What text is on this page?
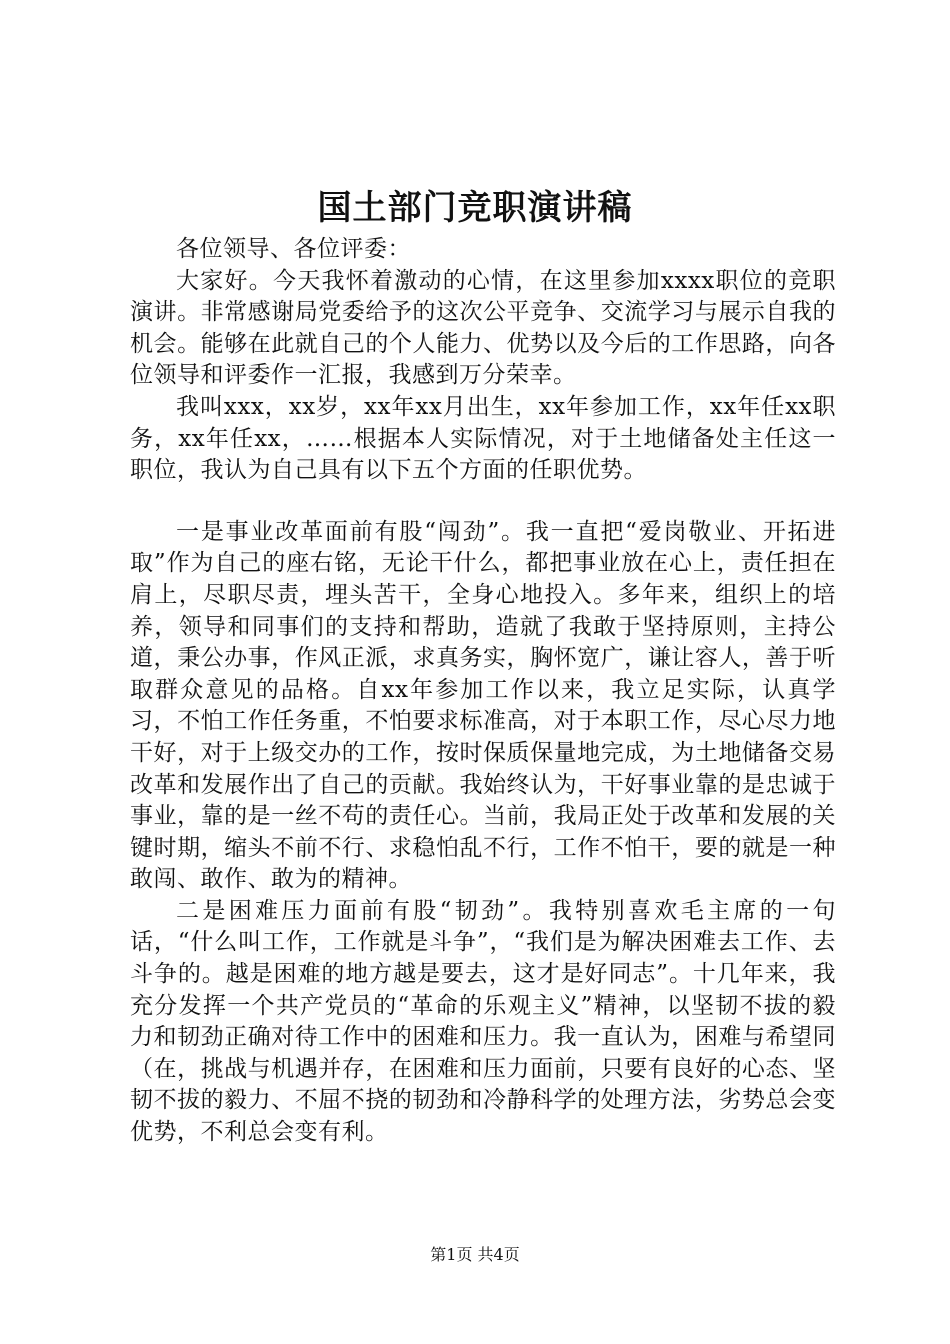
国土部门竞职演讲稿

各位领导、各位评委：

大家好。今天我怀着激动的心情，在这里参加xxxx职位的竞职演讲。非常感谢局党委给予的这次公平竞争、交流学习与展示自我的机会。能够在此就自己的个人能力、优势以及今后的工作思路，向各位领导和评委作一汇报，我感到万分荣幸。

我叫xxx，xx岁，xx年xx月出生，xx年参加工作，xx年任xx职务，xx年任xx，……根据本人实际情况，对于土地储备处主任这一职位，我认为自己具有以下五个方面的任职优势。

一是事业改革面前有股“闯劲”。我一直把“爱岗敬业、开拓进取”作为自己的座右铭，无论干什么，都把事业放在心上，责任担在肩上，尽职尽责，埋头苦干，全身心地投入。多年来，组织上的培养，领导和同事们的支持和帮助，造就了我敢于坚持原则，主持公道，秉公办事，作风正派，求真务实，胸怀宽广，谦让容人，善于听取群众意见的品格。自xx年参加工作以来，我立足实际，认真学习，不怕工作任务重，不怕要求标准高，对于本职工作，尽心尽力地干好，对于上级交办的工作，按时保质保量地完成，为土地储备交易改革和发展作出了自己的贡献。我始终认为，干好事业靠的是忠诚于事业，靠的是一丝不苟的责任心。当前，我局正处于改革和发展的关键时期，缩头不前不行、求稳怕乱不行，工作不怕干，要的就是一种敢闯、敢作、敢为的精神。

二是困难压力面前有股“韧劲”。我特别喜欢毛主席的一句话，“什么叫工作，工作就是斗争”，“我们是为解决困难去工作、去斗争的。越是困难的地方越是要去，这才是好同志”。十几年来，我充分发挥一个共产党员的“革命的乐观主义”精神，以坚韧不拔的毅力和韧劲正确对待工作中的困难和压力。我一直认为，困难与希望同（在，挑战与机遇并存，在困难和压力面前，只要有良好的心态、坚韧不拔的毅力、不屈不挠的韧劲和冷静科学的处理方法，劣势总会变优势，不利总会变有利。

第1页 共4页
